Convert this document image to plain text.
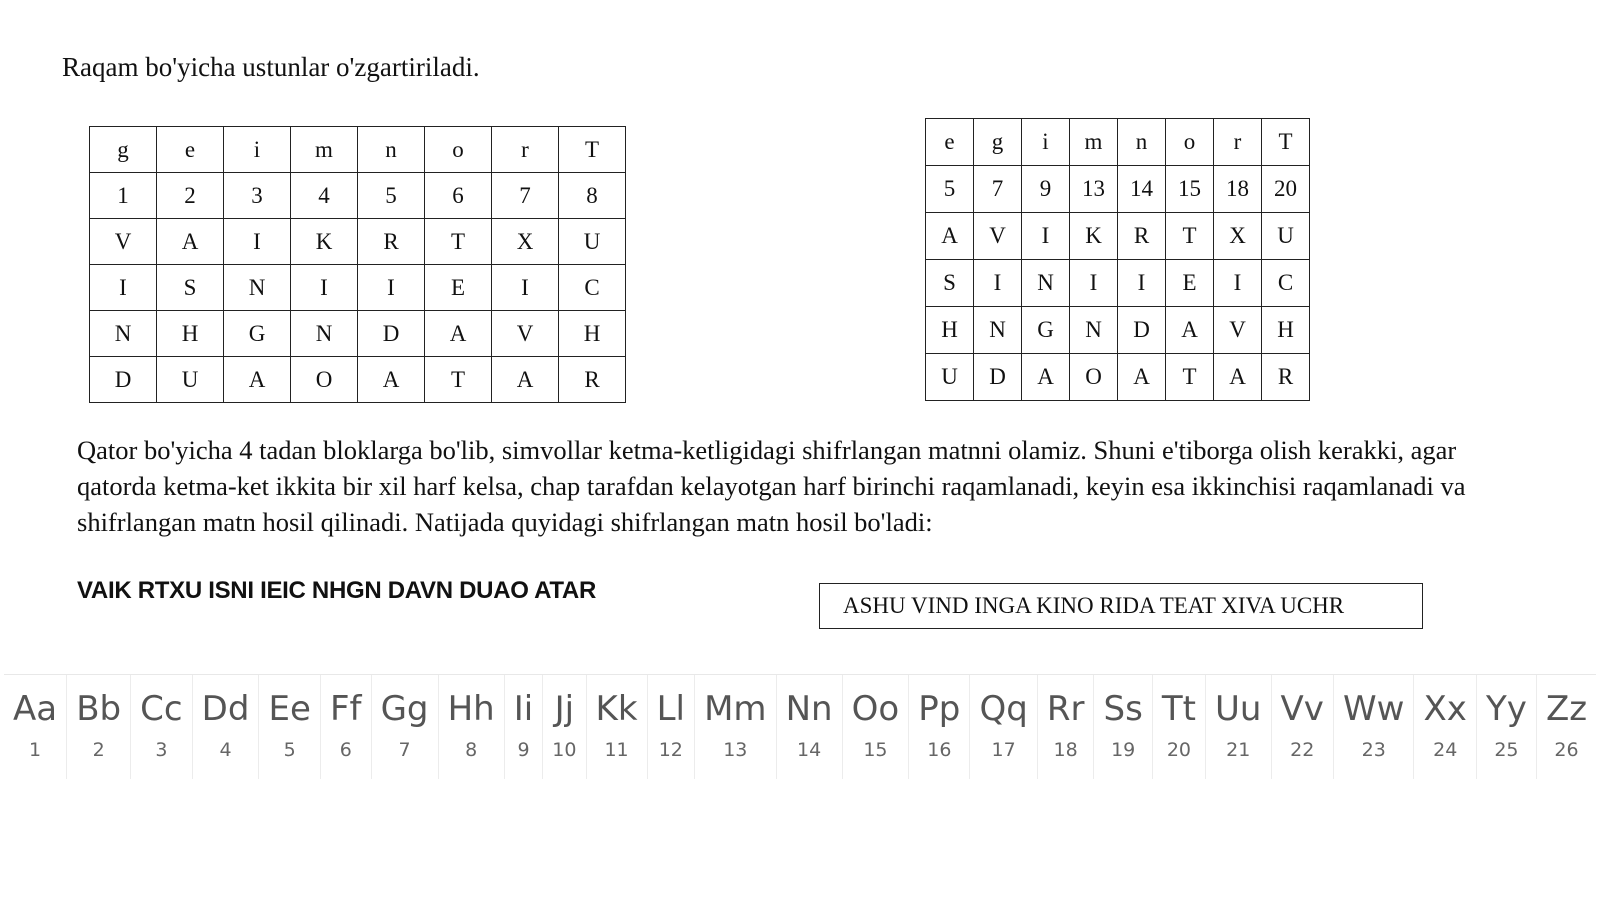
Raqam bo'yicha ustunlar o'zgartiriladi.
g	e	i	m	n	o	r	T
1	2	3	4	5	6	7	8
V	A	I	K	R	T	X	U
I	S	N	I	I	E	I	C
N	H	G	N	D	A	V	H
D	U	A	O	A	T	A	R
e	g	i	m	n	o	r	T
5	7	9	13	14	15	18	20
A	V	I	K	R	T	X	U
S	I	N	I	I	E	I	C
H	N	G	N	D	A	V	H
U	D	A	O	A	T	A	R

Qator bo'yicha 4 tadan bloklarga bo'lib, simvollar ketma-ketligidagi shifrlangan matnni olamiz. Shuni e'tiborga olish kerakki, agar qatorda ketma-ket ikkita bir xil harf kelsa, chap tarafdan kelayotgan harf birinchi raqamlanadi, keyin esa ikkinchisi raqamlanadi va shifrlangan matn hosil qilinadi. Natijada quyidagi shifrlangan matn hosil bo'ladi:

VAIK RTXU ISNI IEIC NHGN DAVN DUAO ATAR
ASHU VIND INGA KINO RIDA TEAT XIVA UCHR
Aa
1
Bb
2
Cc
3
Dd
4
Ee
5
Ff
6
Gg
7
Hh
8
Ii
9
Jj
10
Kk
11
Ll
12
Mm
13
Nn
14
Oo
15
Pp
16
Qq
17
Rr
18
Ss
19
Tt
20
Uu
21
Vv
22
Ww
23
Xx
24
Yy
25
Zz
26
